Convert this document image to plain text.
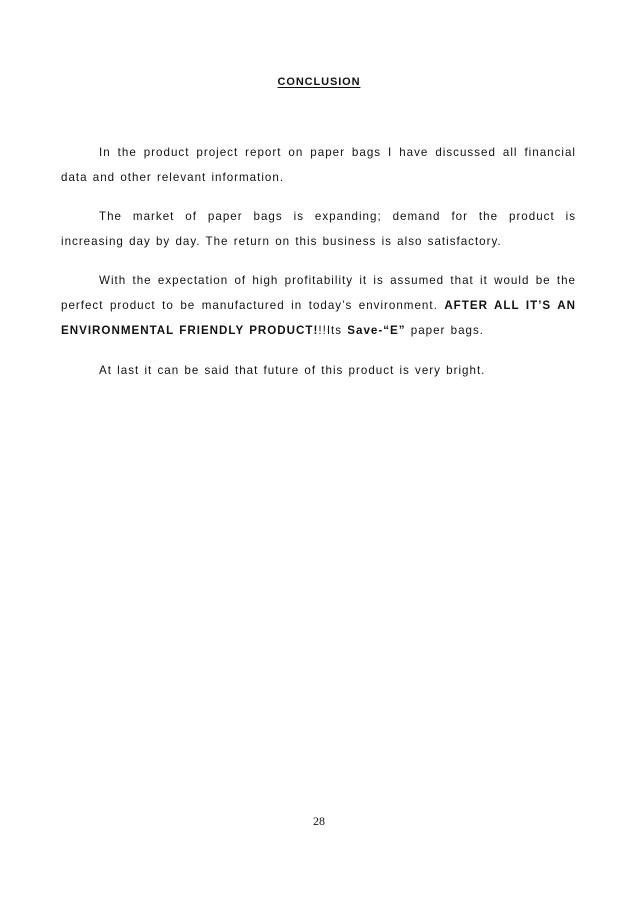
CONCLUSION

In the product project report on paper bags I have discussed all financial data and other relevant information.

The market of paper bags is expanding; demand for the product is increasing day by day. The return on this business is also satisfactory.

With the expectation of high profitability it is assumed that it would be the perfect product to be manufactured in today’s environment. AFTER ALL IT’S AN ENVIRONMENTAL FRIENDLY PRODUCT!!!Its Save-“E” paper bags.

At last it can be said that future of this product is very bright.

28
